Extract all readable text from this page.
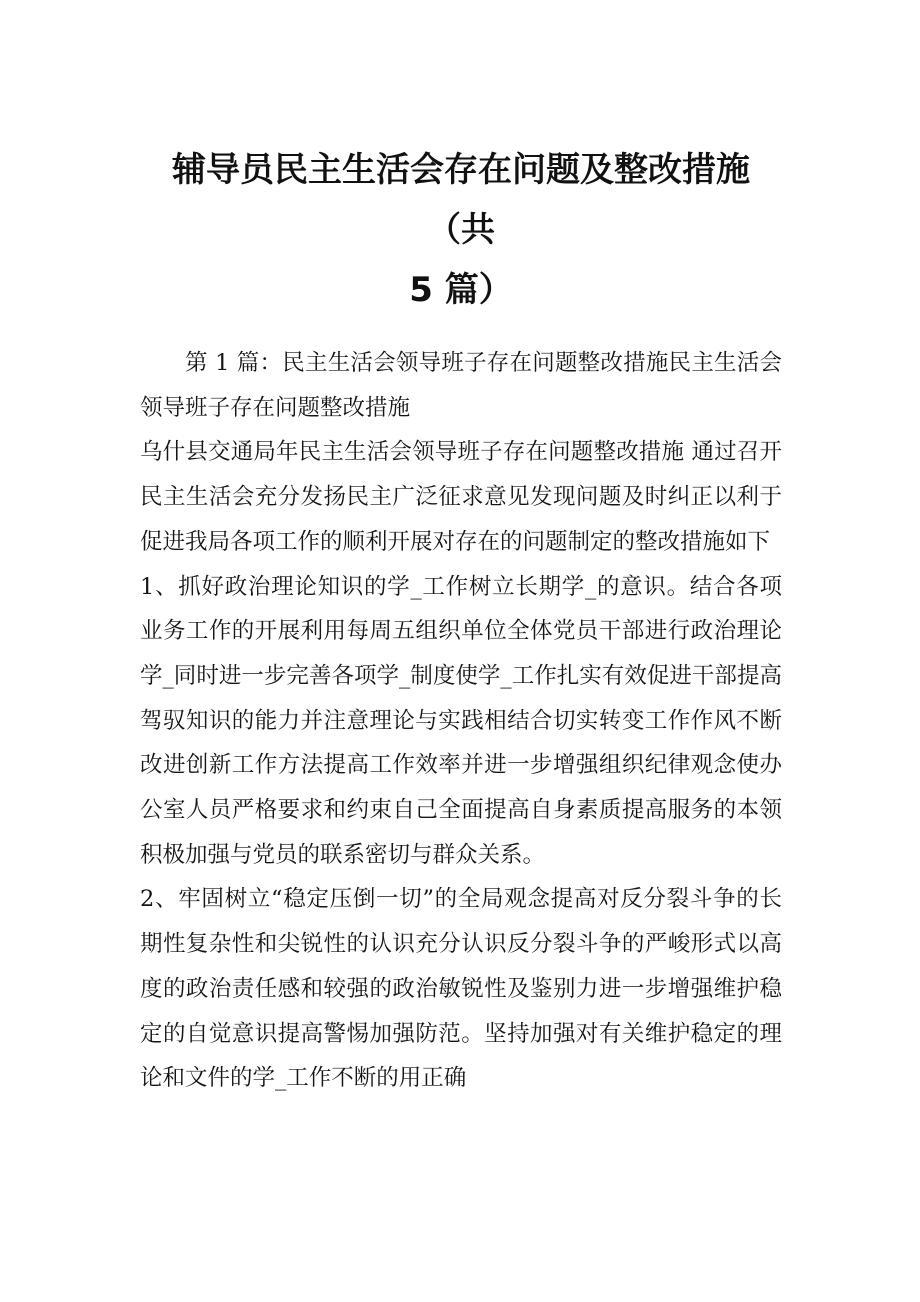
辅导员民主生活会存在问题及整改措施（共
5 篇）

第 1 篇：民主生活会领导班子存在问题整改措施民主生活会领导班子存在问题整改措施

乌什县交通局年民主生活会领导班子存在问题整改措施 通过召开民主生活会充分发扬民主广泛征求意见发现问题及时纠正以利于促进我局各项工作的顺利开展对存在的问题制定的整改措施如下

1、抓好政治理论知识的学_工作树立长期学_的意识。结合各项业务工作的开展利用每周五组织单位全体党员干部进行政治理论学_同时进一步完善各项学_制度使学_工作扎实有效促进干部提高驾驭知识的能力并注意理论与实践相结合切实转变工作作风不断改进创新工作方法提高工作效率并进一步增强组织纪律观念使办公室人员严格要求和约束自己全面提高自身素质提高服务的本领积极加强与党员的联系密切与群众关系。

2、牢固树立“稳定压倒一切”的全局观念提高对反分裂斗争的长期性复杂性和尖锐性的认识充分认识反分裂斗争的严峻形式以高度的政治责任感和较强的政治敏锐性及鉴别力进一步增强维护稳定的自觉意识提高警惕加强防范。坚持加强对有关维护稳定的理论和文件的学_工作不断的用正确
